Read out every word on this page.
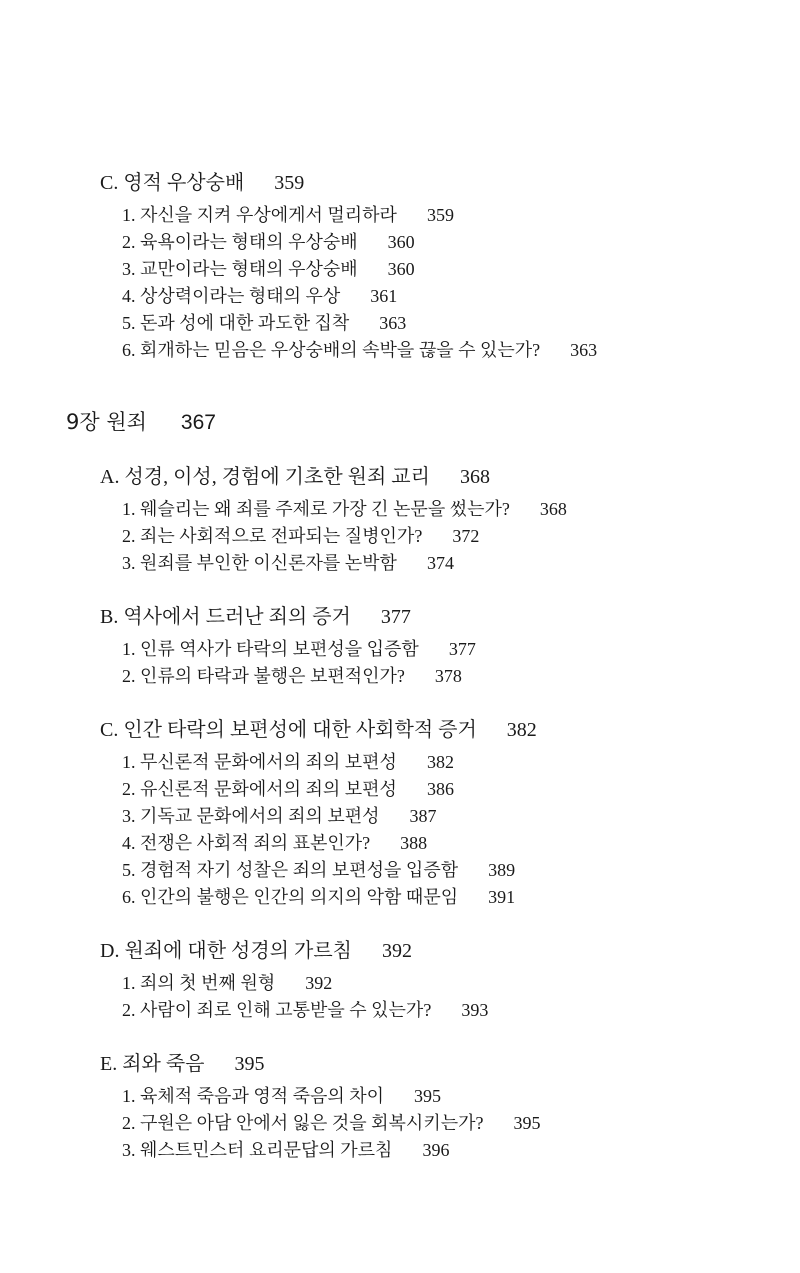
C. 영적 우상숭배 359
1. 자신을 지켜 우상에게서 멀리하라 359
2. 육욕이라는 형태의 우상숭배 360
3. 교만이라는 형태의 우상숭배 360
4. 상상력이라는 형태의 우상 361
5. 돈과 성에 대한 과도한 집착 363
6. 회개하는 믿음은 우상숭배의 속박을 끊을 수 있는가? 363
9장 원죄 367
A. 성경, 이성, 경험에 기초한 원죄 교리 368
1. 웨슬리는 왜 죄를 주제로 가장 긴 논문을 썼는가? 368
2. 죄는 사회적으로 전파되는 질병인가? 372
3. 원죄를 부인한 이신론자를 논박함 374
B. 역사에서 드러난 죄의 증거 377
1. 인류 역사가 타락의 보편성을 입증함 377
2. 인류의 타락과 불행은 보편적인가? 378
C. 인간 타락의 보편성에 대한 사회학적 증거 382
1. 무신론적 문화에서의 죄의 보편성 382
2. 유신론적 문화에서의 죄의 보편성 386
3. 기독교 문화에서의 죄의 보편성 387
4. 전쟁은 사회적 죄의 표본인가? 388
5. 경험적 자기 성찰은 죄의 보편성을 입증함 389
6. 인간의 불행은 인간의 의지의 악함 때문임 391
D. 원죄에 대한 성경의 가르침 392
1. 죄의 첫 번째 원형 392
2. 사람이 죄로 인해 고통받을 수 있는가? 393
E. 죄와 죽음 395
1. 육체적 죽음과 영적 죽음의 차이 395
2. 구원은 아담 안에서 잃은 것을 회복시키는가? 395
3. 웨스트민스터 요리문답의 가르침 396
